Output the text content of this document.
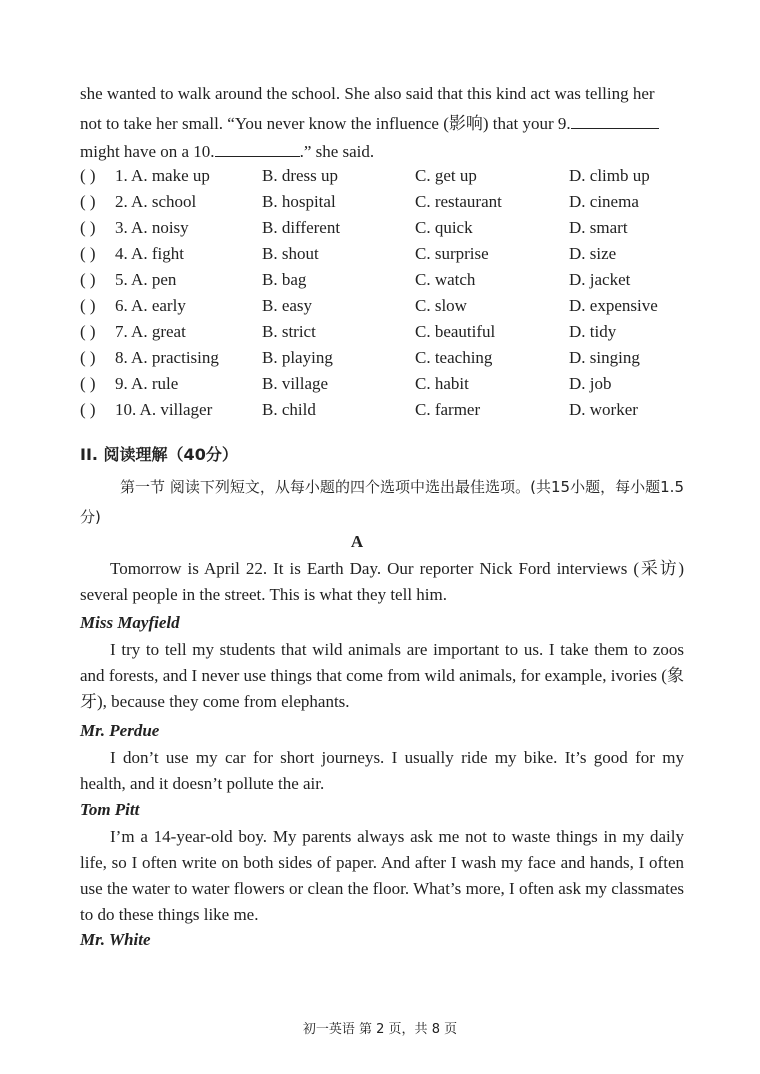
she wanted to walk around the school. She also said that this kind act was telling her
not to take her small. “You never know the influence (影响) that your 9.
might have on a 10.	.” she said.
( ) 1. A. make up	B. dress up	C. get up	D. climb up
( ) 2. A. school	B. hospital	C. restaurant	D. cinema
( ) 3. A. noisy	B. different	C. quick	D. smart
( ) 4. A. fight	B. shout	C. surprise	D. size
( ) 5. A. pen	B. bag	C. watch	D. jacket
( ) 6. A. early	B. easy	C. slow	D. expensive
( ) 7. A. great	B. strict	C. beautiful	D. tidy
( ) 8. A. practising	B. playing	C. teaching	D. singing
( ) 9. A. rule	B. village	C. habit	D. job
( ) 10. A. villager	B. child	C. farmer	D. worker
II. 阅读理解（40分）
第一节 阅读下列短文，从每小题的四个选项中选出最佳选项。(共15小题，每小题1.5分)
A
Tomorrow is April 22. It is Earth Day. Our reporter Nick Ford interviews (采访) several people in the street. This is what they tell him.
Miss Mayfield
I try to tell my students that wild animals are important to us. I take them to zoos and forests, and I never use things that come from wild animals, for example, ivories (象牙), because they come from elephants.
Mr. Perdue
I don’t use my car for short journeys. I usually ride my bike. It’s good for my health, and it doesn’t pollute the air.
Tom Pitt
I’m a 14-year-old boy. My parents always ask me not to waste things in my daily life, so I often write on both sides of paper. And after I wash my face and hands, I often use the water to water flowers or clean the floor. What’s more, I often ask my classmates to do these things like me.
Mr. White
初一英语 第 2 页，共 8 页
